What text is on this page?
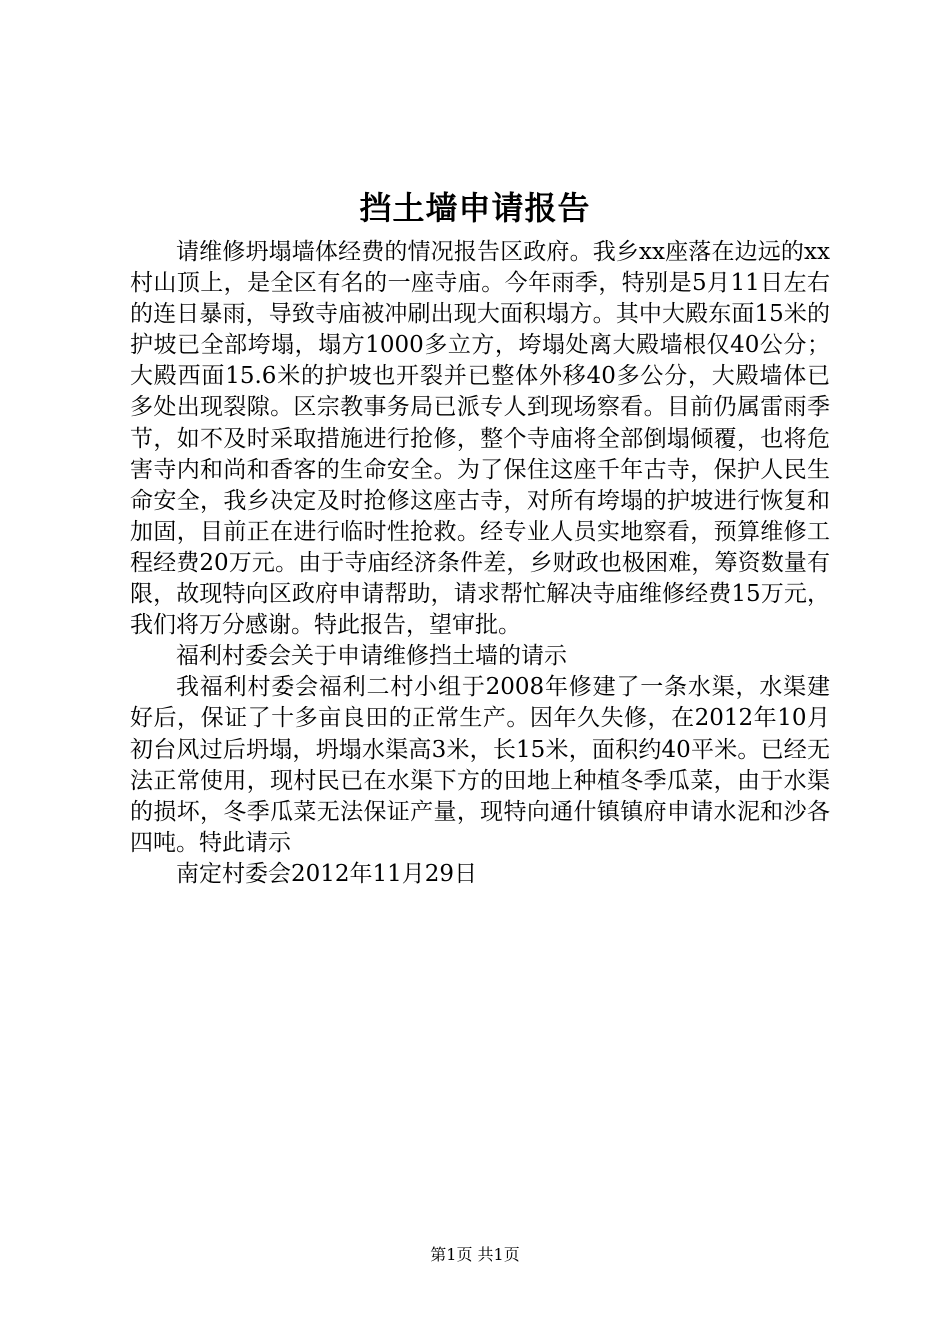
挡土墙申请报告

请维修坍塌墙体经费的情况报告区政府。我乡xx座落在边远的xx村山顶上，是全区有名的一座寺庙。今年雨季，特别是5月11日左右的连日暴雨，导致寺庙被冲刷出现大面积塌方。其中大殿东面15米的护坡已全部垮塌，塌方1000多立方，垮塌处离大殿墙根仅40公分；大殿西面15.6米的护坡也开裂并已整体外移40多公分，大殿墙体已多处出现裂隙。区宗教事务局已派专人到现场察看。目前仍属雷雨季节，如不及时采取措施进行抢修，整个寺庙将全部倒塌倾覆，也将危害寺内和尚和香客的生命安全。为了保住这座千年古寺，保护人民生命安全，我乡决定及时抢修这座古寺，对所有垮塌的护坡进行恢复和加固，目前正在进行临时性抢救。经专业人员实地察看，预算维修工程经费20万元。由于寺庙经济条件差，乡财政也极困难，筹资数量有限，故现特向区政府申请帮助，请求帮忙解决寺庙维修经费15万元，我们将万分感谢。特此报告，望审批。

福利村委会关于申请维修挡土墙的请示

我福利村委会福利二村小组于2008年修建了一条水渠，水渠建好后，保证了十多亩良田的正常生产。因年久失修，在2012年10月初台风过后坍塌，坍塌水渠高3米，长15米，面积约40平米。已经无法正常使用，现村民已在水渠下方的田地上种植冬季瓜菜，由于水渠的损坏，冬季瓜菜无法保证产量，现特向通什镇镇府申请水泥和沙各四吨。特此请示

南定村委会2012年11月29日

第1页 共1页
